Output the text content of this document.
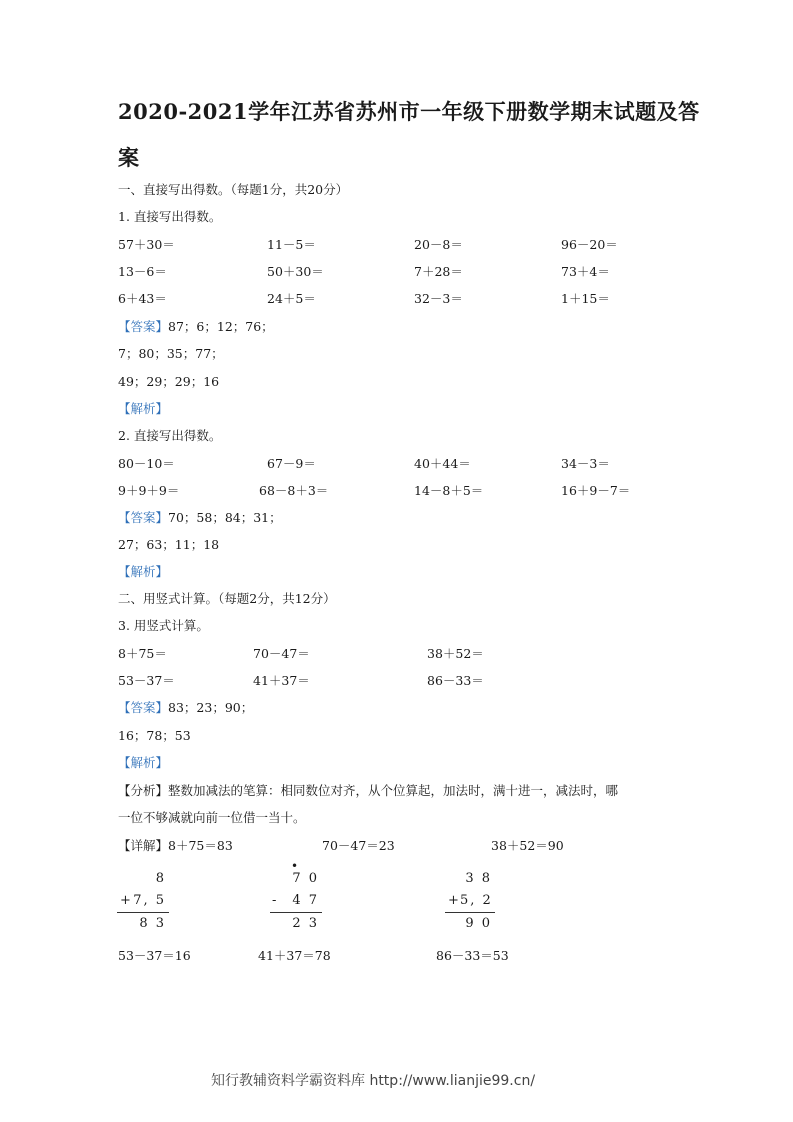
2020-2021学年江苏省苏州市一年级下册数学期末试题及答
案
一、直接写出得数。（每题1分，共20分）
1. 直接写出得数。
57＋30＝	11－5＝	20－8＝	96－20＝
13－6＝	50＋30＝	7＋28＝	73＋4＝
6＋43＝	24＋5＝	32－3＝	1＋15＝
【答案】87；6；12；76；
7；80；35；77；
49；29；29；16
【解析】
2. 直接写出得数。
80－10＝	67－9＝	40＋44＝	34－3＝
9＋9＋9＝	68－8＋3＝	14－8＋5＝	16＋9－7＝
【答案】70；58；84；31；
27；63；11；18
【解析】
二、用竖式计算。（每题2分，共12分）
3. 用竖式计算。
8＋75＝	70－47＝	38＋52＝
53－37＝	41＋37＝	86－33＝
【答案】83；23；90；
16；78；53
【解析】
【分析】整数加减法的笔算：相同数位对齐，从个位算起，加法时，满十进一，减法时，哪
一位不够减就向前一位借一当十。
【详解】8＋75＝83	70－47＝23	38＋52＝90
8
+ 7, 5
8 3
•
7 0
-	4 7
2 3
3 8
+ 5, 2
9 0
53－37＝16	41＋37＝78	86－33＝53
知行教辅资料学霸资料库 http://www.lianjie99.cn/
